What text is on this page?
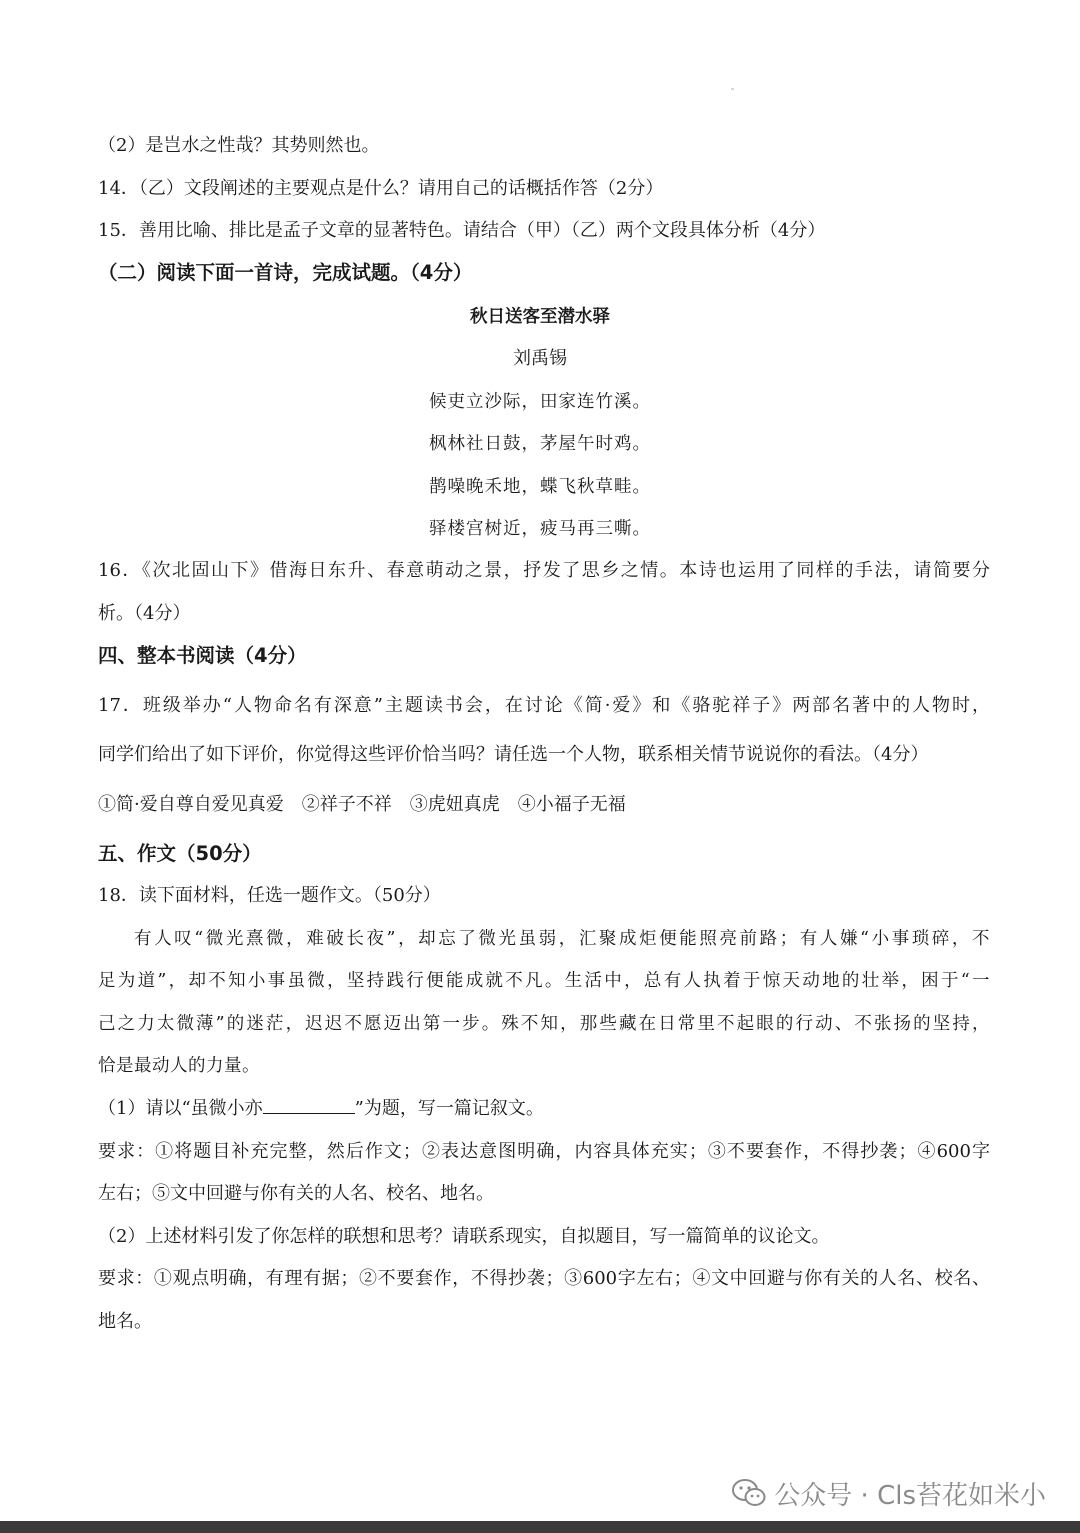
（2）是岂水之性哉？其势则然也。
14．（乙）文段阐述的主要观点是什么？请用自己的话概括作答（2分）
15．善用比喻、排比是孟子文章的显著特色。请结合（甲）（乙）两个文段具体分析（4分）
（二）阅读下面一首诗，完成试题。（4分）
秋日送客至潜水驿
刘禹锡
候吏立沙际，田家连竹溪。
枫林社日鼓，茅屋午时鸡。
鹊噪晚禾地，蝶飞秋草畦。
驿楼宫树近，疲马再三嘶。
16．《次北固山下》借海日东升、春意萌动之景，抒发了思乡之情。本诗也运用了同样的手法，请简要分
析。（4分）
四、整本书阅读（4分）
17．班级举办“人物命名有深意”主题读书会，在讨论《简·爱》和《骆驼祥子》两部名著中的人物时，
同学们给出了如下评价，你觉得这些评价恰当吗？请任选一个人物，联系相关情节说说你的看法。（4分）
①简·爱自尊自爱见真爱　②祥子不祥　③虎妞真虎　④小福子无福
五、作文（50分）
18．读下面材料，任选一题作文。（50分）
有人叹“微光熹微，难破长夜”，却忘了微光虽弱，汇聚成炬便能照亮前路；有人嫌“小事琐碎，不
足为道”，却不知小事虽微，坚持践行便能成就不凡。生活中，总有人执着于惊天动地的壮举，困于“一
己之力太微薄”的迷茫，迟迟不愿迈出第一步。殊不知，那些藏在日常里不起眼的行动、不张扬的坚持，
恰是最动人的力量。
（1）请以“虽微小亦	”为题，写一篇记叙文。
要求：①将题目补充完整，然后作文；②表达意图明确，内容具体充实；③不要套作，不得抄袭；④600字
左右；⑤文中回避与你有关的人名、校名、地名。
（2）上述材料引发了你怎样的联想和思考？请联系现实，自拟题目，写一篇简单的议论文。
要求：①观点明确，有理有据；②不要套作，不得抄袭；③600字左右；④文中回避与你有关的人名、校名、
地名。
公众号 · Cls苔花如米小
